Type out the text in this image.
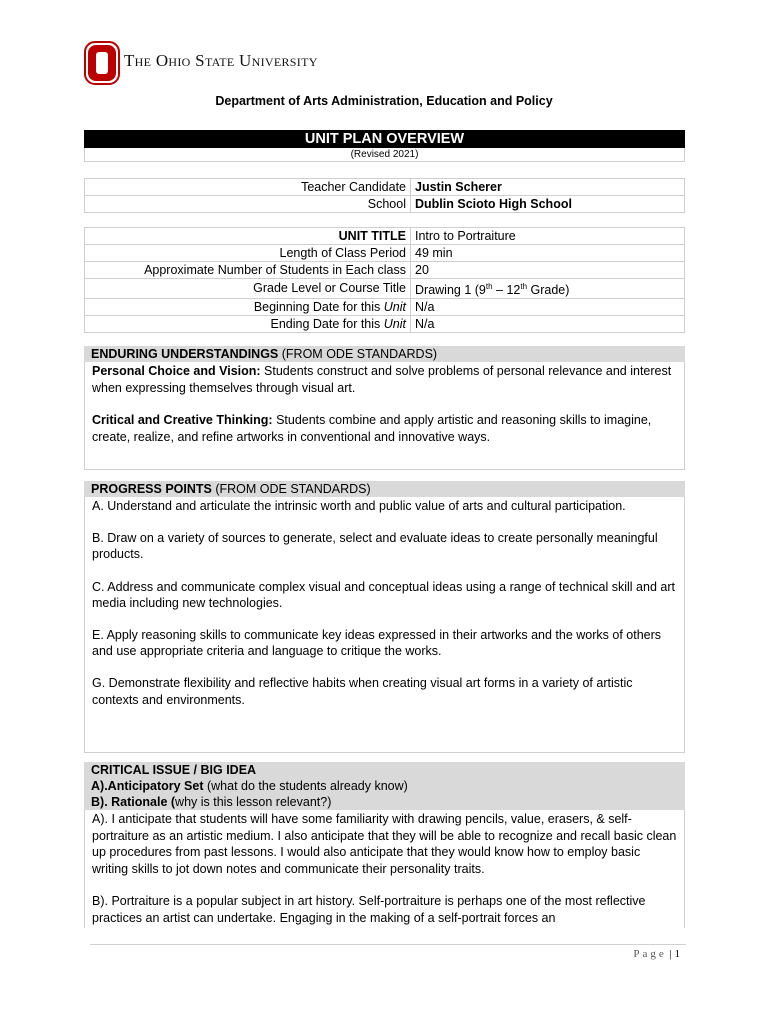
The Ohio State University
Department of Arts Administration, Education and Policy
UNIT PLAN OVERVIEW
(Revised 2021)
Teacher Candidate	Justin Scherer
School	Dublin Scioto High School
UNIT TITLE	Intro to Portraiture
Length of Class Period	49 min
Approximate Number of Students in Each class	20
Grade Level or Course Title	Drawing 1 (9th – 12th Grade)
Beginning Date for this Unit	N/a
Ending Date for this Unit	N/a
ENDURING UNDERSTANDINGS (FROM ODE STANDARDS)

Personal Choice and Vision: Students construct and solve problems of personal relevance and interest when expressing themselves through visual art.

Critical and Creative Thinking: Students combine and apply artistic and reasoning skills to imagine, create, realize, and refine artworks in conventional and innovative ways.

PROGRESS POINTS (FROM ODE STANDARDS)

A. Understand and articulate the intrinsic worth and public value of arts and cultural participation.

B. Draw on a variety of sources to generate, select and evaluate ideas to create personally meaningful products.

C. Address and communicate complex visual and conceptual ideas using a range of technical skill and art media including new technologies.

E. Apply reasoning skills to communicate key ideas expressed in their artworks and the works of others and use appropriate criteria and language to critique the works.

G. Demonstrate flexibility and reflective habits when creating visual art forms in a variety of artistic contexts and environments.

CRITICAL ISSUE / BIG IDEA
A).Anticipatory Set (what do the students already know)
B). Rationale (why is this lesson relevant?)

A). I anticipate that students will have some familiarity with drawing pencils, value, erasers, & self-portraiture as an artistic medium. I also anticipate that they will be able to recognize and recall basic clean up procedures from past lessons. I would also anticipate that they would know how to employ basic writing skills to jot down notes and communicate their personality traits.

B). Portraiture is a popular subject in art history. Self-portraiture is perhaps one of the most reflective practices an artist can undertake. Engaging in the making of a self-portrait forces an

Page | 1
